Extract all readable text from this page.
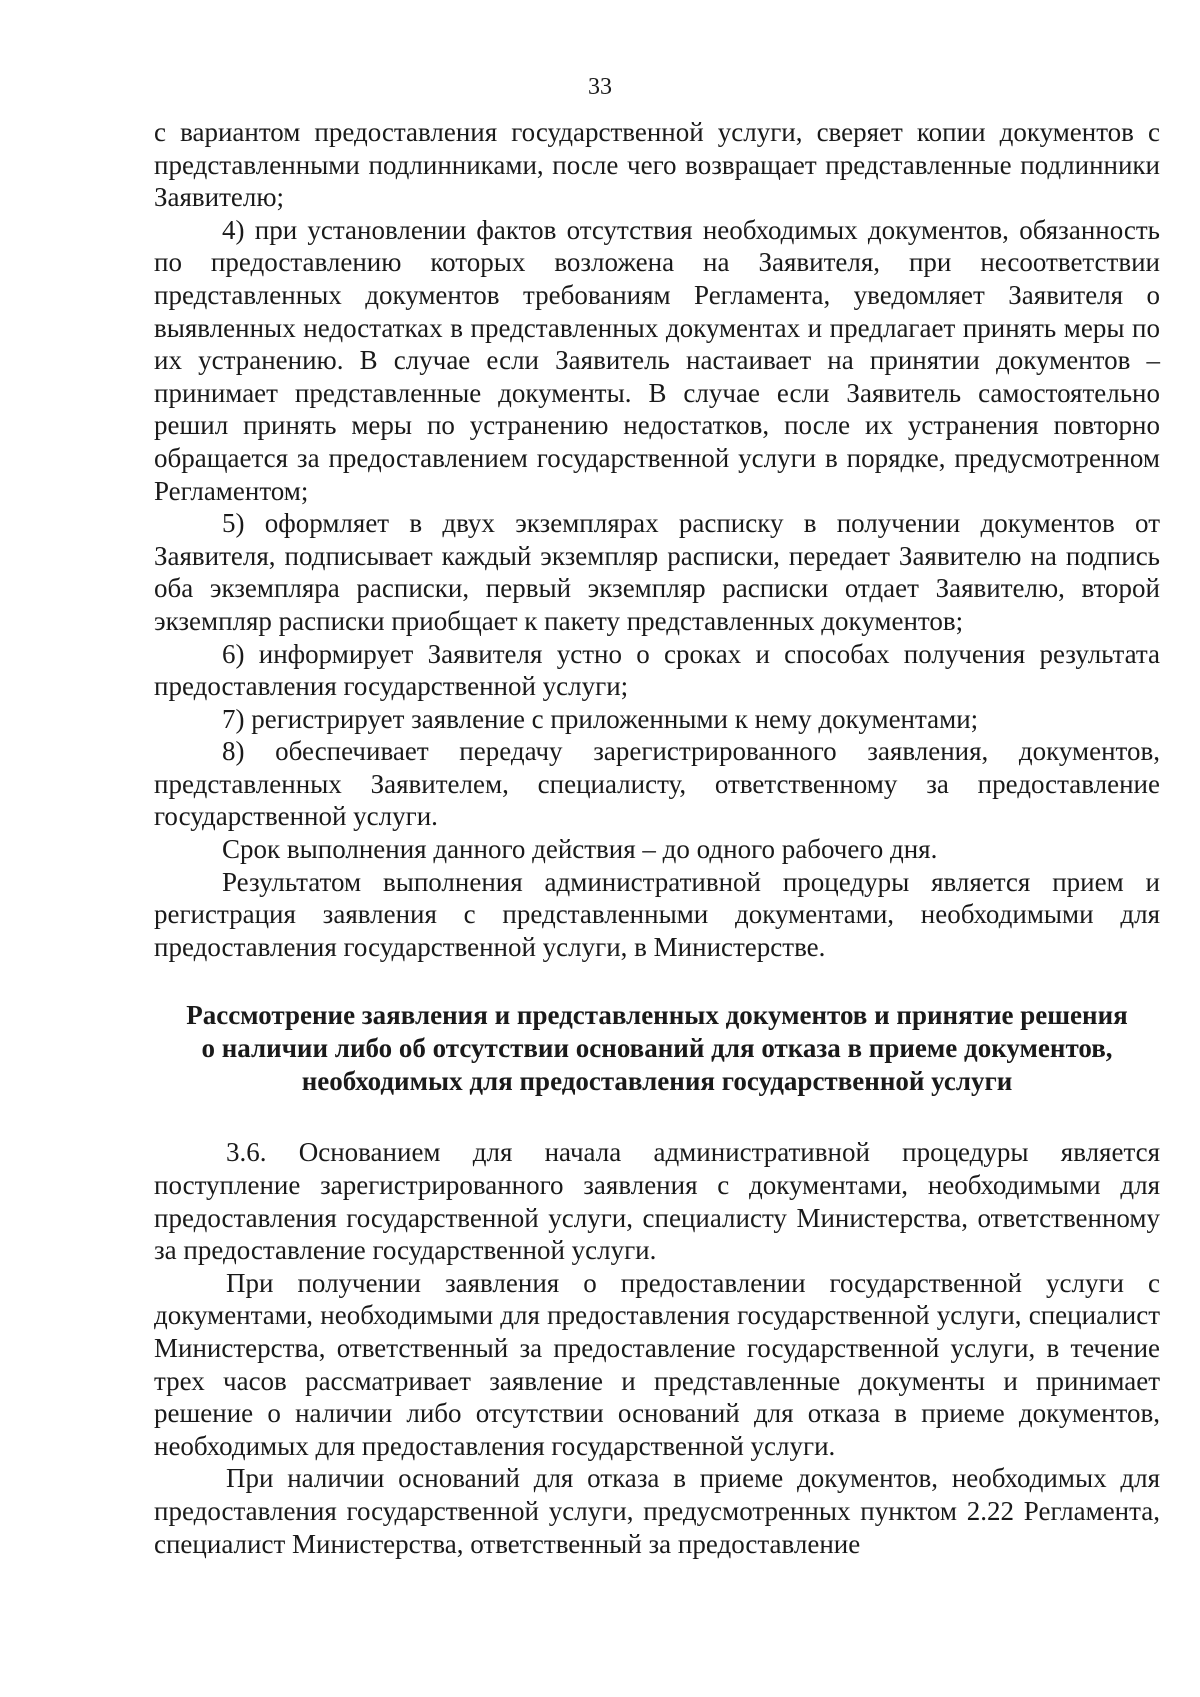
33

с вариантом предоставления государственной услуги, сверяет копии документов с представленными подлинниками, после чего возвращает представленные подлинники Заявителю;

4) при установлении фактов отсутствия необходимых документов, обязанность по предоставлению которых возложена на Заявителя, при несоответствии представленных документов требованиям Регламента, уведомляет Заявителя о выявленных недостатках в представленных документах и предлагает принять меры по их устранению. В случае если Заявитель настаивает на принятии документов – принимает представленные документы. В случае если Заявитель самостоятельно решил принять меры по устранению недостатков, после их устранения повторно обращается за предоставлением государственной услуги в порядке, предусмотренном Регламентом;

5) оформляет в двух экземплярах расписку в получении документов от Заявителя, подписывает каждый экземпляр расписки, передает Заявителю на подпись оба экземпляра расписки, первый экземпляр расписки отдает Заявителю, второй экземпляр расписки приобщает к пакету представленных документов;

6) информирует Заявителя устно о сроках и способах получения результата предоставления государственной услуги;

7) регистрирует заявление с приложенными к нему документами;

8) обеспечивает передачу зарегистрированного заявления, документов, представленных Заявителем, специалисту, ответственному за предоставление государственной услуги.

Срок выполнения данного действия – до одного рабочего дня.

Результатом выполнения административной процедуры является прием и регистрация заявления с представленными документами, необходимыми для предоставления государственной услуги, в Министерстве.

Рассмотрение заявления и представленных документов и принятие решения
о наличии либо об отсутствии оснований для отказа в приеме документов,
необходимых для предоставления государственной услуги

3.6. Основанием для начала административной процедуры является поступление зарегистрированного заявления с документами, необходимыми для предоставления государственной услуги, специалисту Министерства, ответственному за предоставление государственной услуги.

При получении заявления о предоставлении государственной услуги с документами, необходимыми для предоставления государственной услуги, специалист Министерства, ответственный за предоставление государственной услуги, в течение трех часов рассматривает заявление и представленные документы и принимает решение о наличии либо отсутствии оснований для отказа в приеме документов, необходимых для предоставления государственной услуги.

При наличии оснований для отказа в приеме документов, необходимых для предоставления государственной услуги, предусмотренных пунктом 2.22 Регламента, специалист Министерства, ответственный за предоставление
